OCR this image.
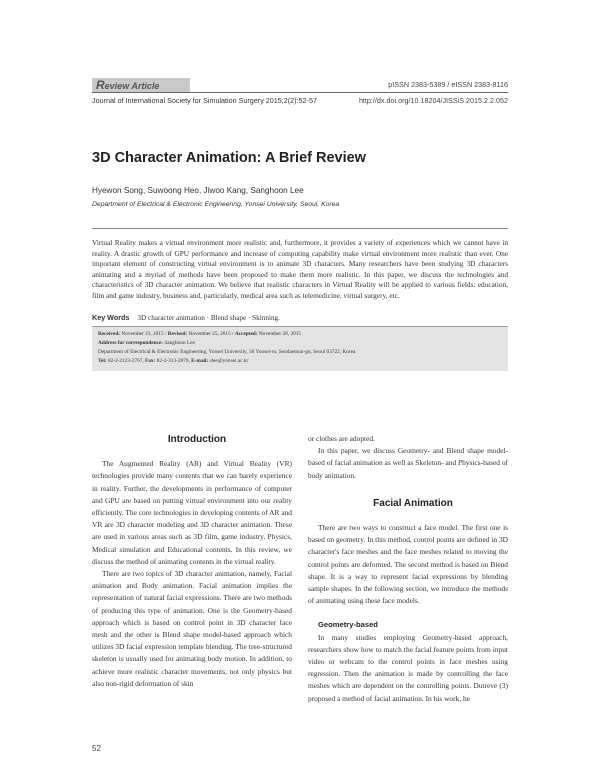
Review Article	pISSN 2383-5389 / eISSN 2383-8116
Journal of International Society for Simulation Surgery 2015;2(2):52-57	http://dx.doi.org/10.18204/JISSiS.2015.2.2.052
3D Character Animation: A Brief Review
Hyewon Song, Suwoong Heo, Jiwoo Kang, Sanghoon Lee
Department of Electrical & Electronic Engineering, Yonsei University, Seoul, Korea
Virtual Reality makes a virtual environment more realistic and, furthermore, it provides a variety of experiences which we cannot have in reality. A drastic growth of GPU performance and increase of computing capability make virtual environment more realistic than ever. One important element of constructing virtual environment is to animate 3D characters. Many researchers have been studying 3D characters animating and a myriad of methods have been proposed to make them more realistic. In this paper, we discuss the technologies and characteristics of 3D character animation. We believe that realistic characters in Virtual Reality will be applied to various fields: education, film and game industry, business and, particularly, medical area such as telemedicine, virtual surgery, etc.
Key Words 3D character animation · Blend shape · Skinning.
Received: November 23, 2015 / Revised: November 25, 2015 / Accepted: November 28, 2015
Address for correspondence: Sanghoon Lee
Department of Electrical & Electronic Engineering, Yonsei University, 50 Yonsei-ro, Seodaemun-gu, Seoul 03722, Korea
Tel: 82-2-2123-2767, Fax: 82-2-313-2879, E-mail: slee@yonsei.ac.kr

Introduction

The Augmented Reality (AR) and Virtual Reality (VR) technologies provide many contents that we can barely experience in reality. Further, the developments in performance of computer and GPU are based on putting virtual environment into our reality efficiently. The core technologies in developing contents of AR and VR are 3D character modeling and 3D character animation. These are used in various areas such as 3D film, game industry, Physics, Medical simulation and Educational contents. In this review, we discuss the method of animating contents in the virtual reality.

There are two topics of 3D character animation, namely, Facial animation and Body animation. Facial animation implies the representation of natural facial expressions. There are two methods of producing this type of animation. One is the Geometry-based approach which is based on control point in 3D character face mesh and the other is Blend shape model-based approach which utilizes 3D facial expression template blending. The tree-structured skeleton is usually used for animating body motion. In addition, to achieve more realistic character movements, not only physics but also non-rigid deformation of skin

or clothes are adopted.

In this paper, we discuss Geometry- and Blend shape model-based of facial animation as well as Skeleton- and Physics-based of body animation.

Facial Animation

There are two ways to construct a face model. The first one is based on geometry. In this method, control points are defined in 3D character's face meshes and the face meshes related to moving the control points are deformed. The second method is based on Blend shape. It is a way to represent facial expressions by blending sample shapes. In the following section, we introduce the methods of animating using these face models.

Geometry-based

In many studies employing Geometry-based approach, researchers show how to match the facial feature points from input video or webcam to the control points in face meshes using regression. Then the animation is made by controlling the face meshes which are dependent on the controlling points. Dutreve (3) proposed a method of facial animation. In his work, he

52
